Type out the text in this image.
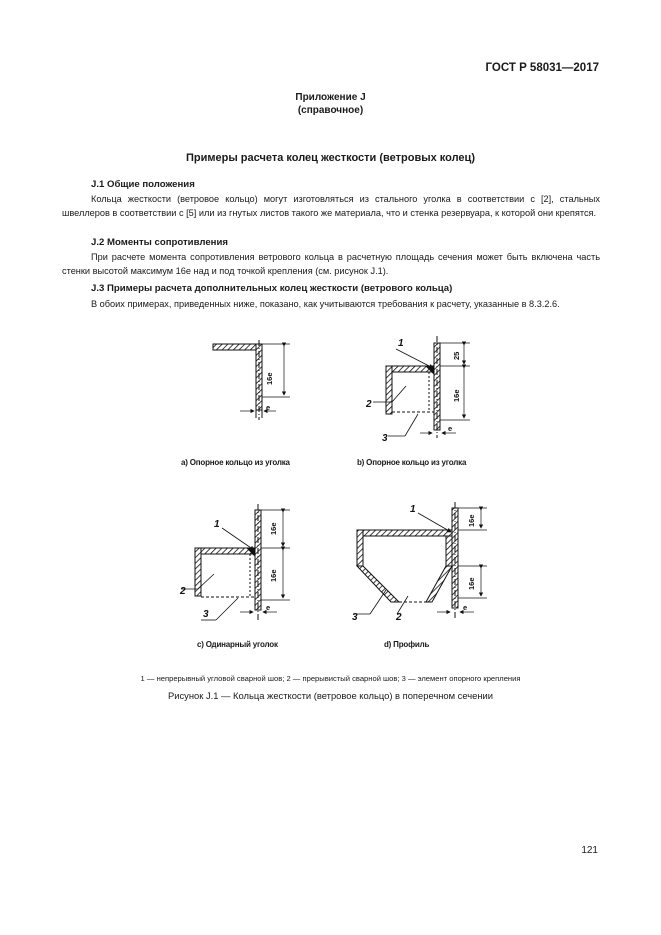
ГОСТ Р 58031—2017
Приложение J
(справочное)
Примеры расчета колец жесткости (ветровых колец)
J.1 Общие положения
Кольца жесткости (ветровое кольцо) могут изготовляться из стального уголка в соответствии с [2], стальных швеллеров в соответствии с [5] или из гнутых листов такого же материала, что и стенка резервуара, к которой они крепятся.
J.2 Моменты сопротивления
При расчете момента сопротивления ветрового кольца в расчетную площадь сечения может быть включена часть стенки высотой максимум 16e над и под точкой крепления (см. рисунок J.1).
J.3 Примеры расчета дополнительных колец жесткости (ветрового кольца)
В обоих примерах, приведенных ниже, показано, как учитываются требования к расчету, указанные в 8.3.2.6.
1
2
3
1
2
3
1
3	2
16e
25
16e
16e
16e
16e
16e
e
e
e	e
a) Опорное кольцо из уголка	b) Опорное кольцо из уголка
c) Одинарный уголок	d) Профиль
1 — непрерывный угловой сварной шов; 2 — прерывистый сварной шов; 3 — элемент опорного крепления
Рисунок J.1 — Кольца жесткости (ветровое кольцо) в поперечном сечении
121
